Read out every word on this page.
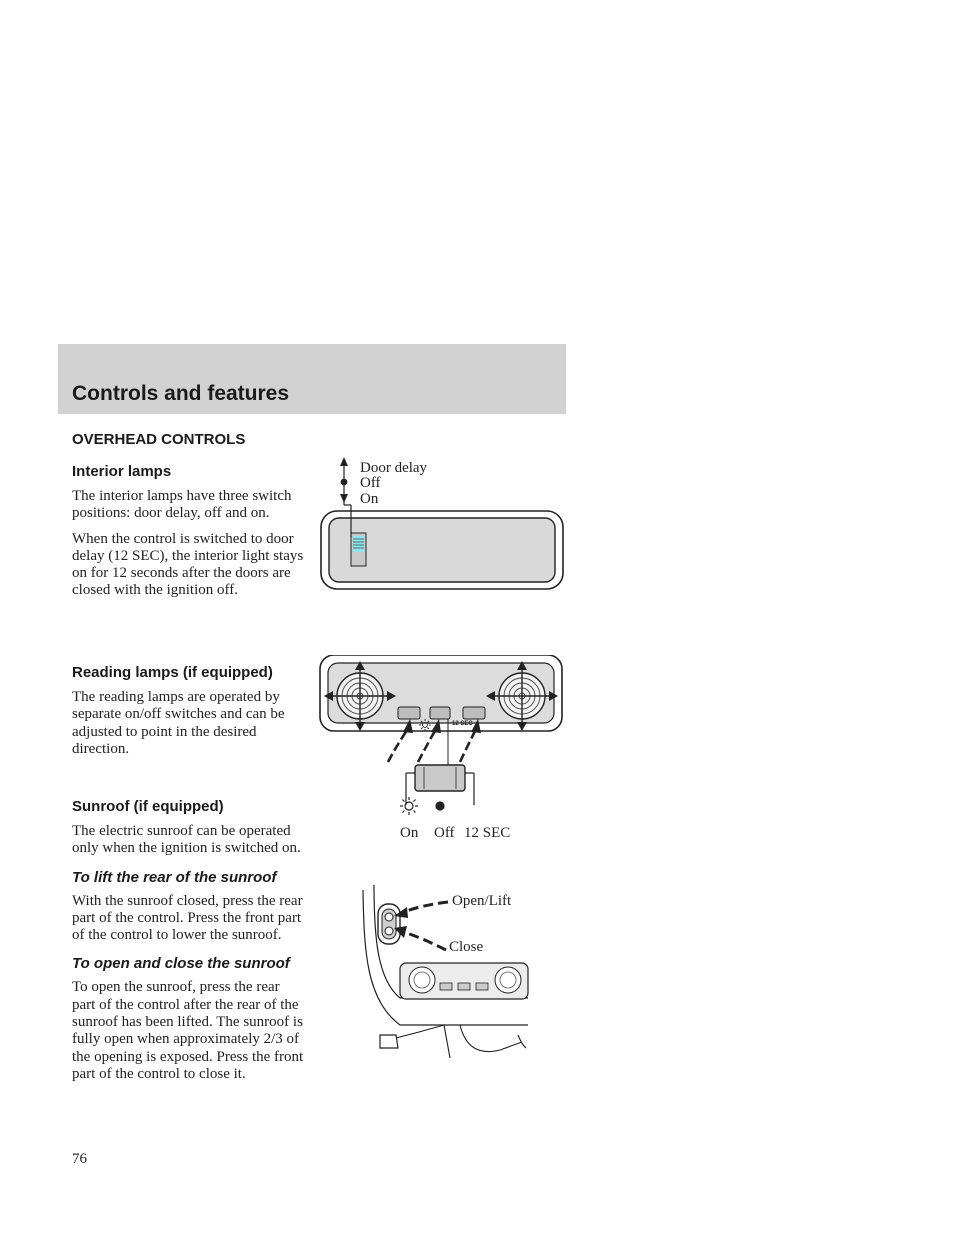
Controls and features
OVERHEAD CONTROLS
Interior lamps

The interior lamps have three switch positions: door delay, off and on.

When the control is switched to door delay (12 SEC), the interior light stays on for 12 seconds after the doors are closed with the ignition off.

Reading lamps (if equipped)

The reading lamps are operated by separate on/off switches and can be adjusted to point in the desired direction.

Sunroof (if equipped)

The electric sunroof can be operated only when the ignition is switched on.

To lift the rear of the sunroof

With the sunroof closed, press the rear part of the control. Press the front part of the control to lower the sunroof.

To open and close the sunroof

To open the sunroof, press the rear part of the control after the rear of the sunroof has been lifted. The sunroof is fully open when approximately 2/3 of the opening is exposed. Press the front part of the control to close it.

Door delay
Off
On
12 SEC
On Off 12 SEC
Open/Lift
Close
76
